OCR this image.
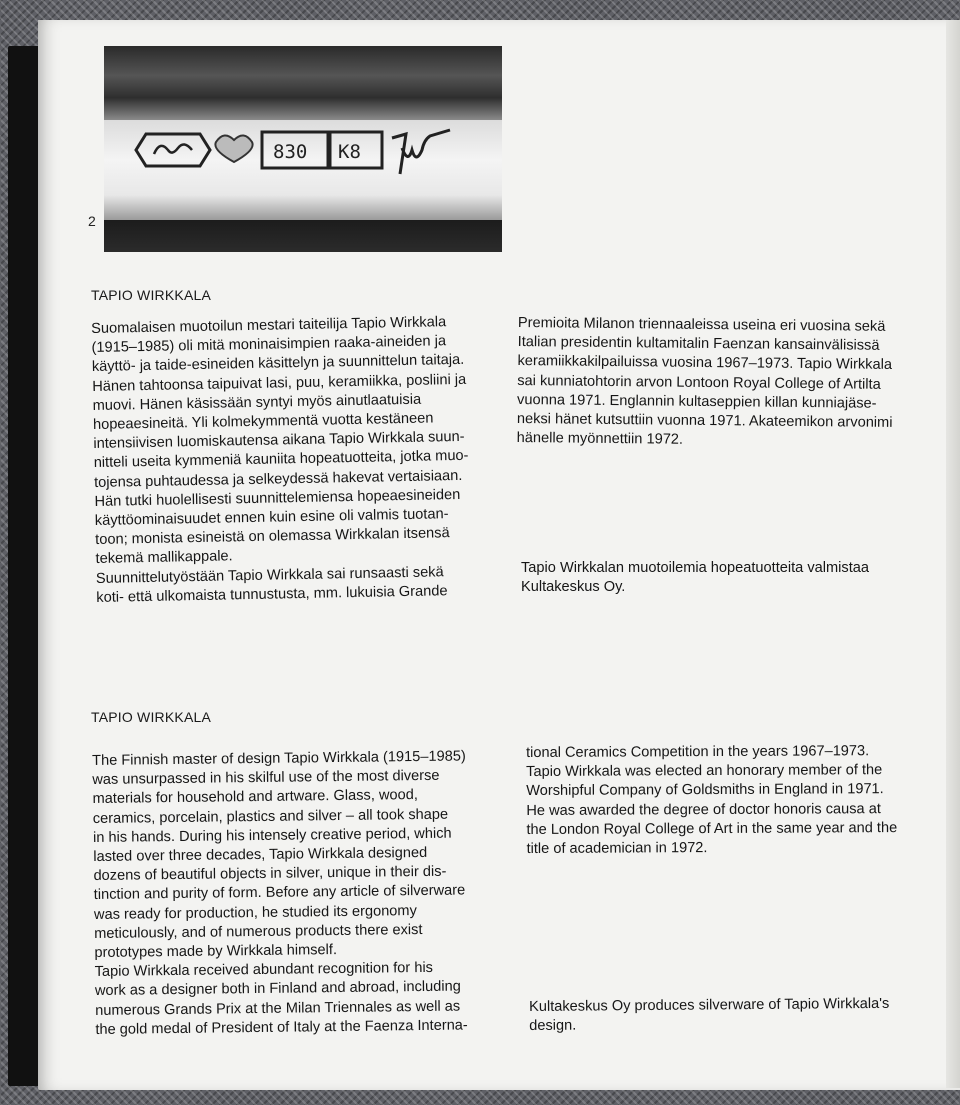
830 K8
2
TAPIO WIRKKALA
Suomalaisen muotoilun mestari taiteilija Tapio Wirkkala
(1915–1985) oli mitä moninaisimpien raaka-aineiden ja
käyttö- ja taide-esineiden käsittelyn ja suunnittelun taitaja.
Hänen tahtoonsa taipuivat lasi, puu, keramiikka, posliini ja
muovi. Hänen käsissään syntyi myös ainutlaatuisia
hopeaesineitä. Yli kolmekymmentä vuotta kestäneen
intensiivisen luomiskautensa aikana Tapio Wirkkala suun-
nitteli useita kymmeniä kauniita hopeatuotteita, jotka muo-
tojensa puhtaudessa ja selkeydessä hakevat vertaisiaan.
Hän tutki huolellisesti suunnittelemiensa hopeaesineiden
käyttöominaisuudet ennen kuin esine oli valmis tuotan-
toon; monista esineistä on olemassa Wirkkalan itsensä
tekemä mallikappale.
Suunnittelutyöstään Tapio Wirkkala sai runsaasti sekä
koti- että ulkomaista tunnustusta, mm. lukuisia Grande
Premioita Milanon triennaaleissa useina eri vuosina sekä
Italian presidentin kultamitalin Faenzan kansainvälisissä
keramiikkakilpailuissa vuosina 1967–1973. Tapio Wirkkala
sai kunniatohtorin arvon Lontoon Royal College of Artilta
vuonna 1971. Englannin kultaseppien killan kunniajäse-
neksi hänet kutsuttiin vuonna 1971. Akateemikon arvonimi
hänelle myönnettiin 1972.
Tapio Wirkkalan muotoilemia hopeatuotteita valmistaa
Kultakeskus Oy.
TAPIO WIRKKALA
The Finnish master of design Tapio Wirkkala (1915–1985)
was unsurpassed in his skilful use of the most diverse
materials for household and artware. Glass, wood,
ceramics, porcelain, plastics and silver – all took shape
in his hands. During his intensely creative period, which
lasted over three decades, Tapio Wirkkala designed
dozens of beautiful objects in silver, unique in their dis-
tinction and purity of form. Before any article of silverware
was ready for production, he studied its ergonomy
meticulously, and of numerous products there exist
prototypes made by Wirkkala himself.
Tapio Wirkkala received abundant recognition for his
work as a designer both in Finland and abroad, including
numerous Grands Prix at the Milan Triennales as well as
the gold medal of President of Italy at the Faenza Interna-
tional Ceramics Competition in the years 1967–1973.
Tapio Wirkkala was elected an honorary member of the
Worshipful Company of Goldsmiths in England in 1971.
He was awarded the degree of doctor honoris causa at
the London Royal College of Art in the same year and the
title of academician in 1972.
Kultakeskus Oy produces silverware of Tapio Wirkkala's
design.
